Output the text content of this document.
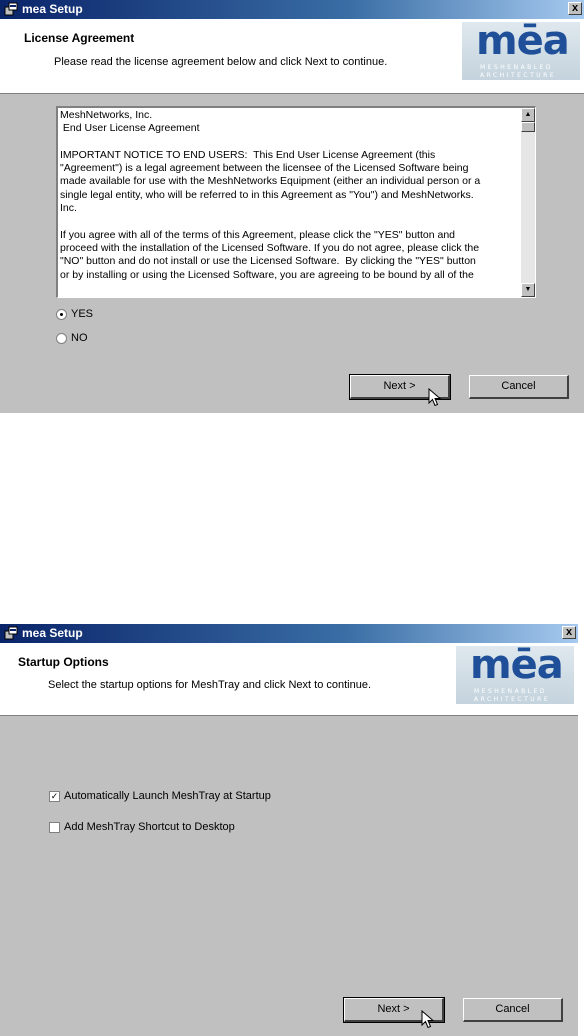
mea Setup	x
License Agreement
Please read the license agreement below and click Next to continue. mēa
MESHENABLED
ARCHITECTURE
MeshNetworks, Inc.
End User License Agreement

IMPORTANT NOTICE TO END USERS:  This End User License Agreement (this
"Agreement") is a legal agreement between the licensee of the Licensed Software being
made available for use with the MeshNetworks Equipment (either an individual person or a
single legal entity, who will be referred to in this Agreement as "You") and MeshNetworks.
Inc.

If you agree with all of the terms of this Agreement, please click the "YES" button and
proceed with the installation of the Licensed Software. If you do not agree, please click the
"NO" button and do not install or use the Licensed Software.  By clicking the "YES" button
or by installing or using the Licensed Software, you are agreeing to be bound by all of the
▲
▼
YES
NO
Next >	Cancel
mea Setup	x
Startup Options
Select the startup options for MeshTray and click Next to continue. mēa
MESHENABLED
ARCHITECTURE
✓ Automatically Launch MeshTray at Startup
Add MeshTray Shortcut to Desktop
Next >	Cancel
